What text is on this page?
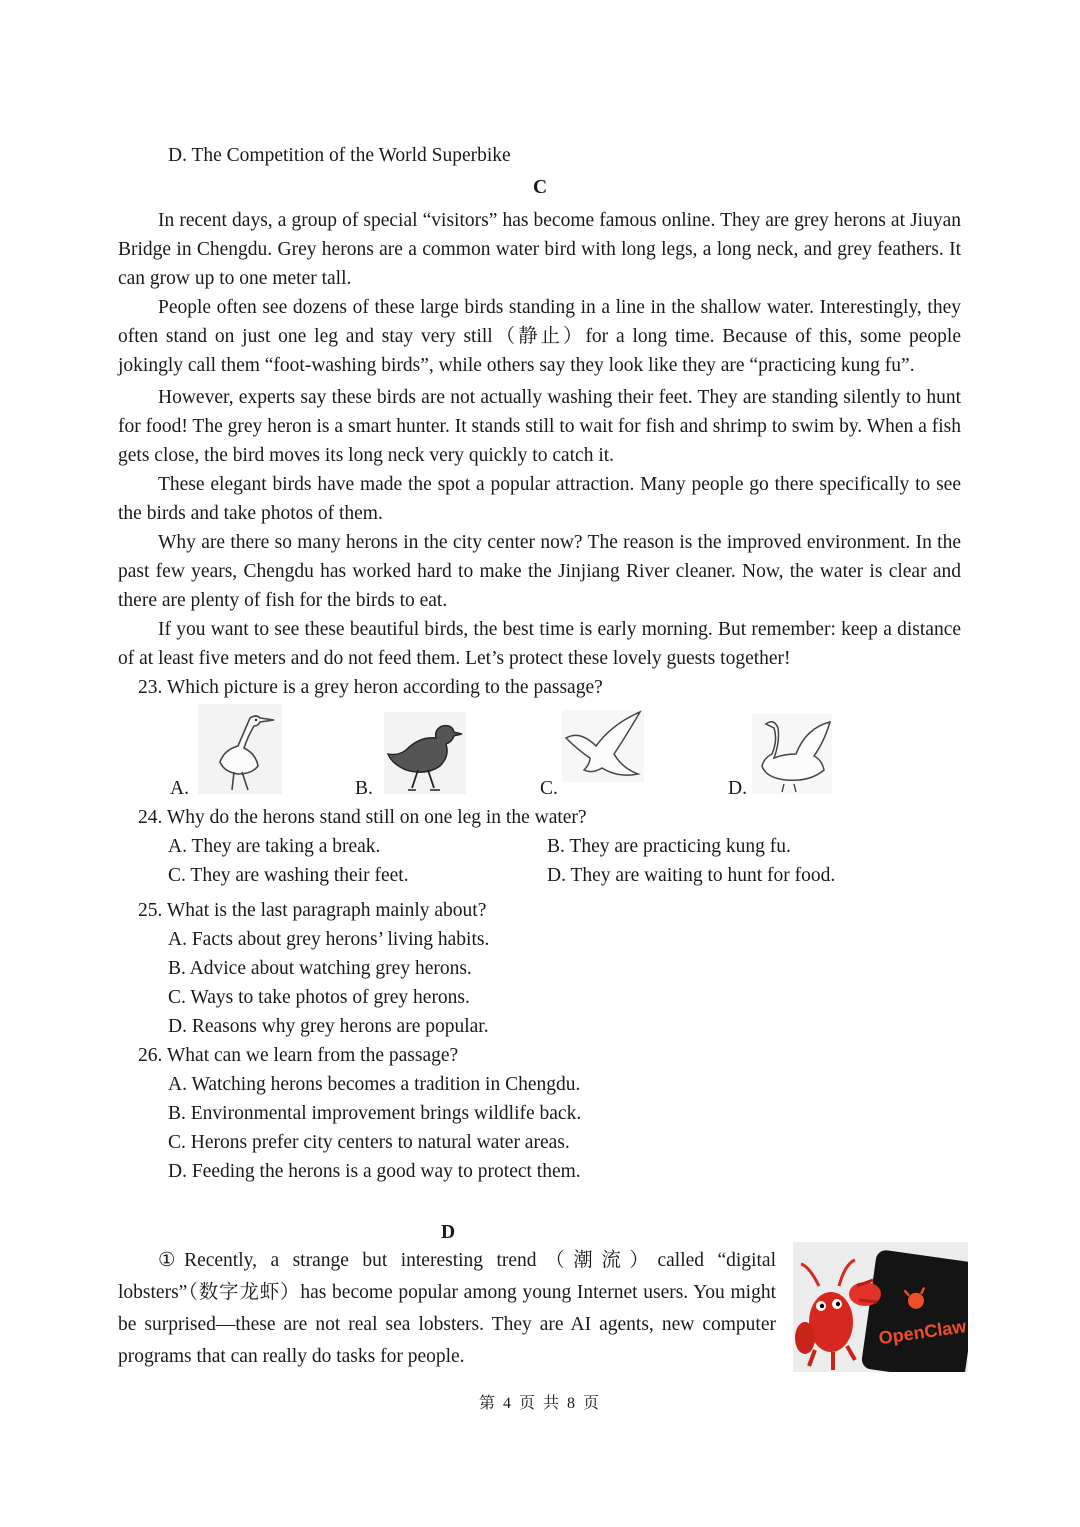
D. The Competition of the World Superbike
C
In recent days, a group of special “visitors” has become famous online. They are grey herons at Jiuyan Bridge in Chengdu. Grey herons are a common water bird with long legs, a long neck, and grey feathers. It can grow up to one meter tall.
People often see dozens of these large birds standing in a line in the shallow water. Interestingly, they often stand on just one leg and stay very still（静止）for a long time. Because of this, some people jokingly call them “foot-washing birds”, while others say they look like they are “practicing kung fu”.
However, experts say these birds are not actually washing their feet. They are standing silently to hunt for food! The grey heron is a smart hunter. It stands still to wait for fish and shrimp to swim by. When a fish gets close, the bird moves its long neck very quickly to catch it.
These elegant birds have made the spot a popular attraction. Many people go there specifically to see the birds and take photos of them.
Why are there so many herons in the city center now? The reason is the improved environment. In the past few years, Chengdu has worked hard to make the Jinjiang River cleaner. Now, the water is clear and there are plenty of fish for the birds to eat.
If you want to see these beautiful birds, the best time is early morning. But remember: keep a distance of at least five meters and do not feed them. Let’s protect these lovely guests together!
23. Which picture is a grey heron according to the passage?
A.	B.	C.	D.
24. Why do the herons stand still on one leg in the water?
A. They are taking a break.	B. They are practicing kung fu.
C. They are washing their feet.	D. They are waiting to hunt for food.
25. What is the last paragraph mainly about?
A. Facts about grey herons’ living habits.
B. Advice about watching grey herons.
C. Ways to take photos of grey herons.
D. Reasons why grey herons are popular.
26. What can we learn from the passage?
A. Watching herons becomes a tradition in Chengdu.
B. Environmental improvement brings wildlife back.
C. Herons prefer city centers to natural water areas.
D. Feeding the herons is a good way to protect them.
D
①Recently, a strange but interesting trend（潮流）called “digital lobsters”（数字龙虾）has become popular among young Internet users. You might be surprised—these are not real sea lobsters. They are AI agents, new computer programs that can really do tasks for people.
OpenClaw
第 4 页 共 8 页
